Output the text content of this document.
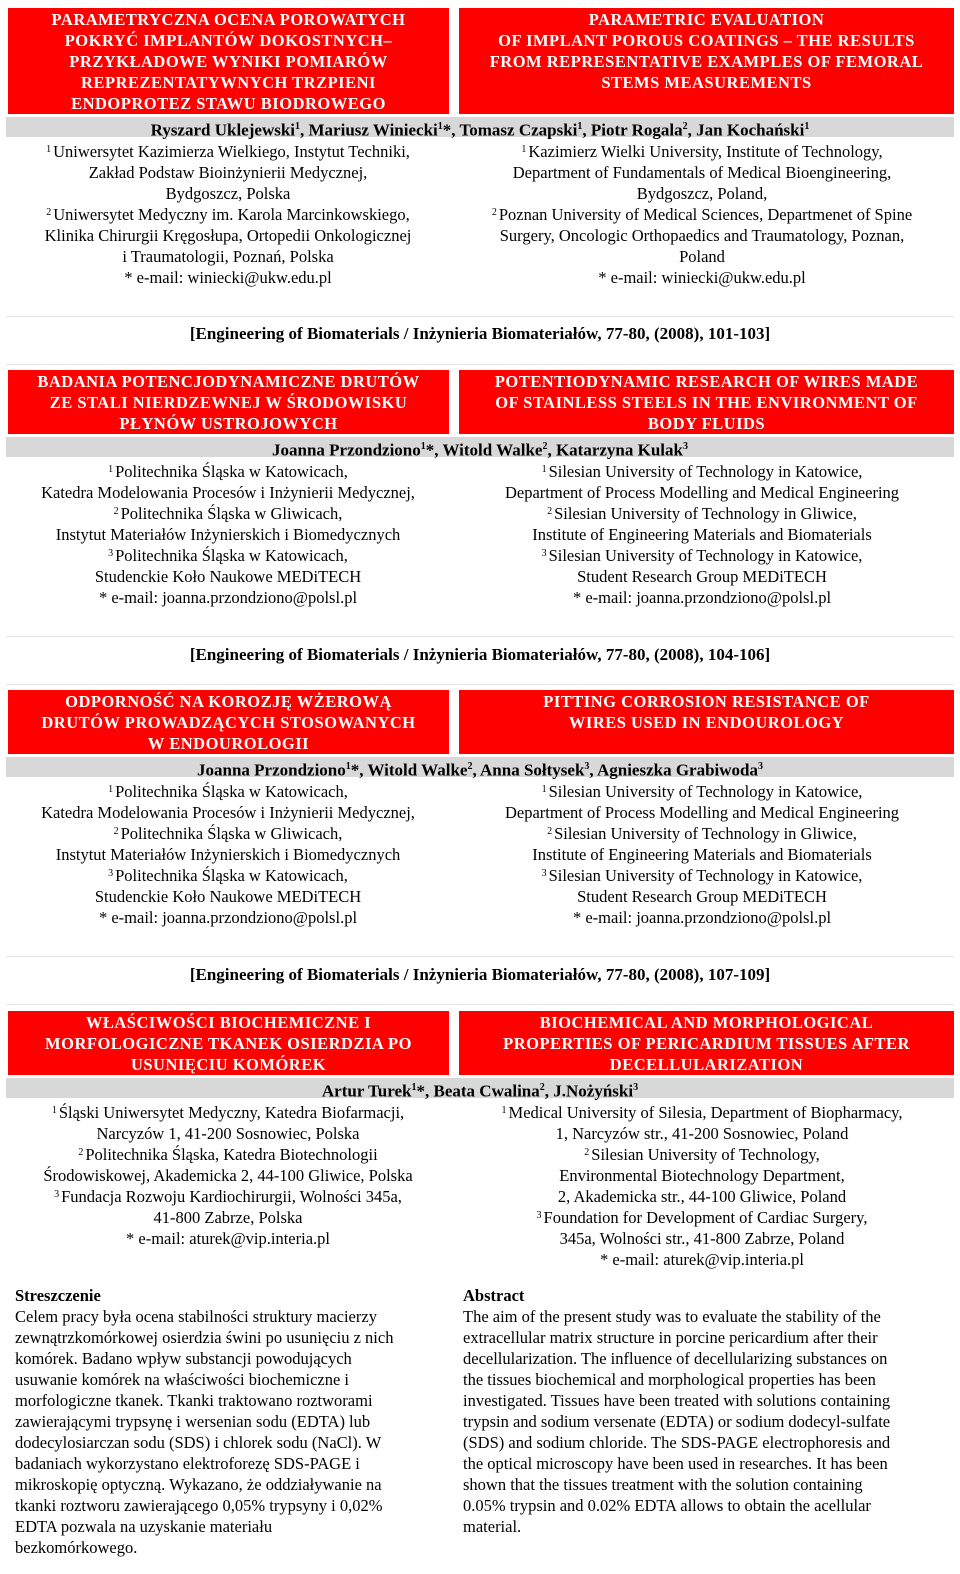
PARAMETRYCZNA OCENA POROWATYCH
POKRYĆ IMPLANTÓW DOKOSTNYCH–
PRZYKŁADOWE WYNIKI POMIARÓW
REPREZENTATYWNYCH TRZPIENI
ENDOPROTEZ STAWU BIODROWEGO
PARAMETRIC EVALUATION
OF IMPLANT POROUS COATINGS – THE RESULTS
FROM REPRESENTATIVE EXAMPLES OF FEMORAL
STEMS MEASUREMENTS
Ryszard Uklejewski$^1$, Mariusz Winiecki$^1$*, Tomasz Czapski$^1$, Piotr Rogala$^2$, Jan Kochański$^1$
$^1$ Uniwersytet Kazimierza Wielkiego, Instytut Techniki,
Zakład Podstaw Bioinżynierii Medycznej,
Bydgoszcz, Polska
$^2$ Uniwersytet Medyczny im. Karola Marcinkowskiego,
Klinika Chirurgii Kręgosłupa, Ortopedii Onkologicznej
i Traumatologii, Poznań, Polska
* e-mail: winiecki@ukw.edu.pl
$^1$ Kazimierz Wielki University, Institute of Technology,
Department of Fundamentals of Medical Bioengineering,
Bydgoszcz, Poland,
$^2$ Poznan University of Medical Sciences, Departmenet of Spine
Surgery, Oncologic Orthopaedics and Traumatology, Poznan,
Poland
* e-mail: winiecki@ukw.edu.pl
[Engineering of Biomaterials / Inżynieria Biomateriałów, 77-80, (2008), 101-103]
BADANIA POTENCJODYNAMICZNE DRUTÓW
ZE STALI NIERDZEWNEJ W ŚRODOWISKU
PŁYNÓW USTROJOWYCH
POTENTIODYNAMIC RESEARCH OF WIRES MADE
OF STAINLESS STEELS IN THE ENVIRONMENT OF
BODY FLUIDS
Joanna Przondziono$^1$*, Witold Walke$^2$, Katarzyna Kulak$^3$
$^1$ Politechnika Śląska w Katowicach,
Katedra Modelowania Procesów i Inżynierii Medycznej,
$^2$ Politechnika Śląska w Gliwicach,
Instytut Materiałów Inżynierskich i Biomedycznych
$^3$ Politechnika Śląska w Katowicach,
Studenckie Koło Naukowe MEDiTECH
* e-mail: joanna.przondziono@polsl.pl
$^1$ Silesian University of Technology in Katowice,
Department of Process Modelling and Medical Engineering
$^2$ Silesian University of Technology in Gliwice,
Institute of Engineering Materials and Biomaterials
$^3$ Silesian University of Technology in Katowice,
Student Research Group MEDiTECH
* e-mail: joanna.przondziono@polsl.pl
[Engineering of Biomaterials / Inżynieria Biomateriałów, 77-80, (2008), 104-106]
ODPORNOŚĆ NA KOROZJĘ WŻEROWĄ
DRUTÓW PROWADZĄCYCH STOSOWANYCH
W ENDOUROLOGII
PITTING CORROSION RESISTANCE OF
WIRES USED IN ENDOUROLOGY
Joanna Przondziono$^1$*, Witold Walke$^2$, Anna Sołtysek$^3$, Agnieszka Grabiwoda$^3$
$^1$ Politechnika Śląska w Katowicach,
Katedra Modelowania Procesów i Inżynierii Medycznej,
$^2$ Politechnika Śląska w Gliwicach,
Instytut Materiałów Inżynierskich i Biomedycznych
$^3$ Politechnika Śląska w Katowicach,
Studenckie Koło Naukowe MEDiTECH
* e-mail: joanna.przondziono@polsl.pl
$^1$ Silesian University of Technology in Katowice,
Department of Process Modelling and Medical Engineering
$^2$ Silesian University of Technology in Gliwice,
Institute of Engineering Materials and Biomaterials
$^3$ Silesian University of Technology in Katowice,
Student Research Group MEDiTECH
* e-mail: joanna.przondziono@polsl.pl
[Engineering of Biomaterials / Inżynieria Biomateriałów, 77-80, (2008), 107-109]
WŁAŚCIWOŚCI BIOCHEMICZNE I
MORFOLOGICZNE TKANEK OSIERDZIA PO
USUNIĘCIU KOMÓREK
BIOCHEMICAL AND MORPHOLOGICAL
PROPERTIES OF PERICARDIUM TISSUES AFTER
DECELLULARIZATION
Artur Turek$^1$*, Beata Cwalina$^2$, J.Nożyński$^3$
$^1$ Śląski Uniwersytet Medyczny, Katedra Biofarmacji,
Narcyzów 1, 41-200 Sosnowiec, Polska
$^2$ Politechnika Śląska, Katedra Biotechnologii
Środowiskowej, Akademicka 2, 44-100 Gliwice, Polska
$^3$ Fundacja Rozwoju Kardiochirurgii, Wolności 345a,
41-800 Zabrze, Polska
* e-mail: aturek@vip.interia.pl
$^1$ Medical University of Silesia, Department of Biopharmacy,
1, Narcyzów str., 41-200 Sosnowiec, Poland
$^2$ Silesian University of Technology,
Environmental Biotechnology Department,
2, Akademicka str., 44-100 Gliwice, Poland
$^3$ Foundation for Development of Cardiac Surgery,
345a, Wolności str., 41-800 Zabrze, Poland
* e-mail: aturek@vip.interia.pl
Streszczenie
Celem pracy była ocena stabilności struktury macierzy
zewnątrzkomórkowej osierdzia świni po usunięciu z nich
komórek. Badano wpływ substancji powodujących
usuwanie komórek na właściwości biochemiczne i
morfologiczne tkanek. Tkanki traktowano roztworami
zawierającymi trypsynę i wersenian sodu (EDTA) lub
dodecylosiarczan sodu (SDS) i chlorek sodu (NaCl). W
badaniach wykorzystano elektroforezę SDS-PAGE i
mikroskopię optyczną. Wykazano, że oddziaływanie na
tkanki roztworu zawierającego 0,05% trypsyny i 0,02%
EDTA pozwala na uzyskanie materiału
bezkomórkowego.
Abstract
The aim of the present study was to evaluate the stability of the
extracellular matrix structure in porcine pericardium after their
decellularization. The influence of decellularizing substances on
the tissues biochemical and morphological properties has been
investigated. Tissues have been treated with solutions containing
trypsin and sodium versenate (EDTA) or sodium dodecyl-sulfate
(SDS) and sodium chloride. The SDS-PAGE electrophoresis and
the optical microscopy have been used in researches. It has been
shown that the tissues treatment with the solution containing
0.05% trypsin and 0.02% EDTA allows to obtain the acellular
material.
